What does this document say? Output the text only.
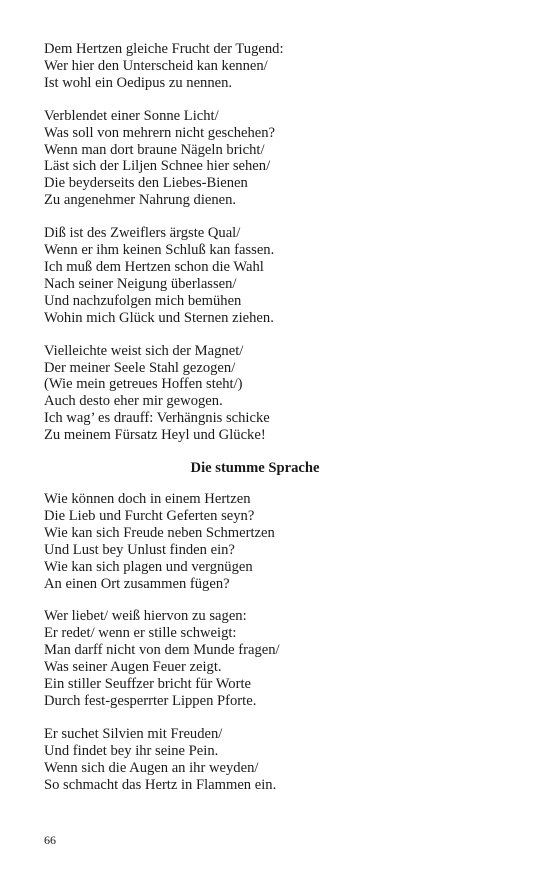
Dem Hertzen gleiche Frucht der Tugend:
Wer hier den Unterscheid kan kennen/
Ist wohl ein Oedipus zu nennen.
Verblendet einer Sonne Licht/
Was soll von mehrern nicht geschehen?
Wenn man dort braune Nägeln bricht/
Läst sich der Liljen Schnee hier sehen/
Die beyderseits den Liebes-Bienen
Zu angenehmer Nahrung dienen.
Diß ist des Zweiflers ärgste Qual/
Wenn er ihm keinen Schluß kan fassen.
Ich muß dem Hertzen schon die Wahl
Nach seiner Neigung überlassen/
Und nachzufolgen mich bemühen
Wohin mich Glück und Sternen ziehen.
Vielleichte weist sich der Magnet/
Der meiner Seele Stahl gezogen/
(Wie mein getreues Hoffen steht/)
Auch desto eher mir gewogen.
Ich wag’ es drauff: Verhängnis schicke
Zu meinem Fürsatz Heyl und Glücke!
Die stumme Sprache
Wie können doch in einem Hertzen
Die Lieb und Furcht Geferten seyn?
Wie kan sich Freude neben Schmertzen
Und Lust bey Unlust finden ein?
Wie kan sich plagen und vergnügen
An einen Ort zusammen fügen?
Wer liebet/ weiß hiervon zu sagen:
Er redet/ wenn er stille schweigt:
Man darff nicht von dem Munde fragen/
Was seiner Augen Feuer zeigt.
Ein stiller Seuffzer bricht für Worte
Durch fest-gesperrter Lippen Pforte.
Er suchet Silvien mit Freuden/
Und findet bey ihr seine Pein.
Wenn sich die Augen an ihr weyden/
So schmacht das Hertz in Flammen ein.
66
